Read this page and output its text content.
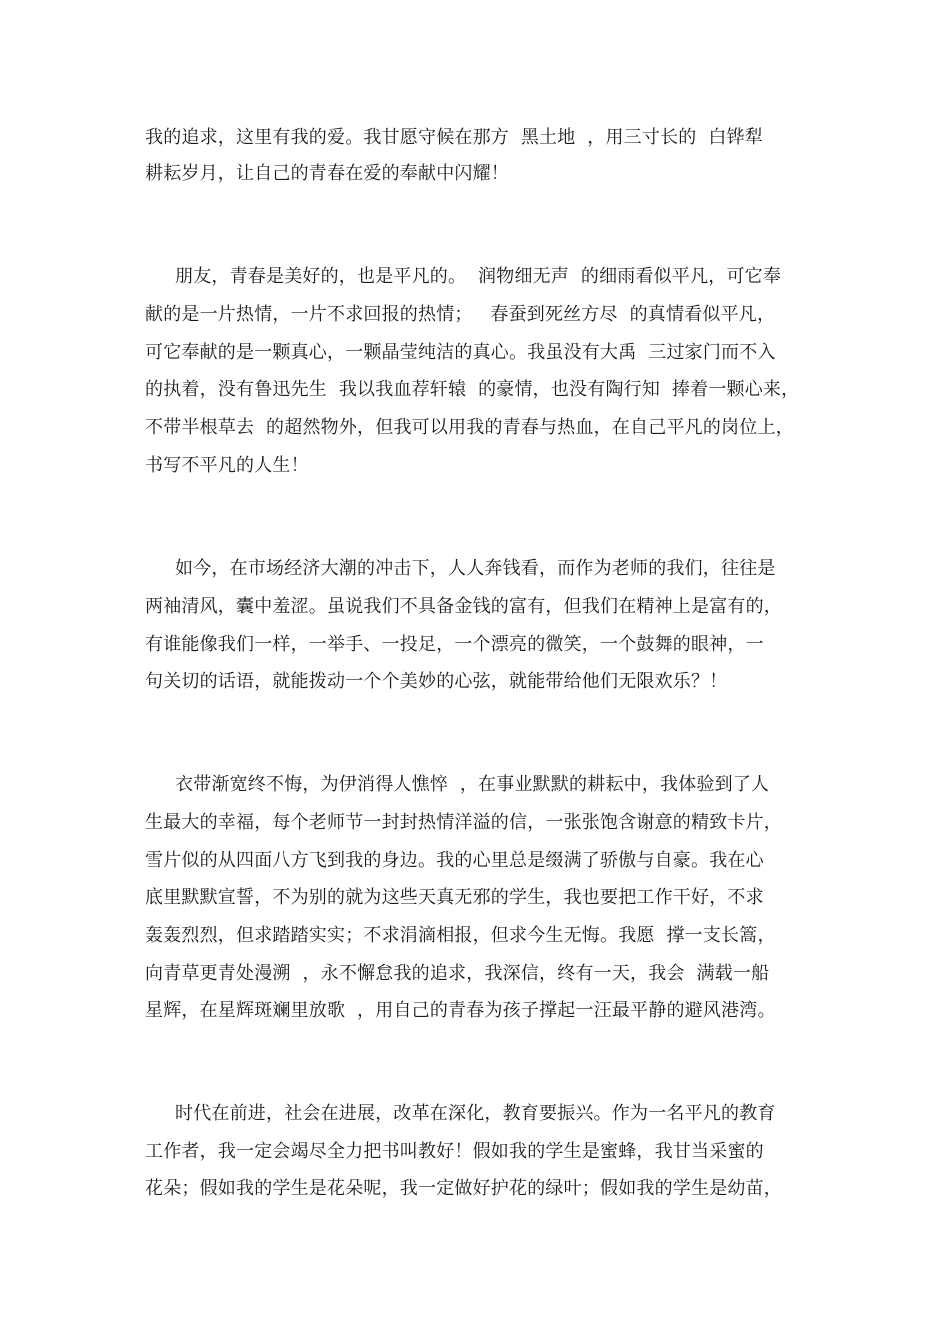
我的追求，这里有我的爱。我甘愿守候在那方  黑土地  ，用三寸长的  白铧犁
耕耘岁月，让自己的青春在爱的奉献中闪耀！
朋友，青春是美好的，也是平凡的。  润物细无声  的细雨看似平凡，可它奉
献的是一片热情，一片不求回报的热情；   春蚕到死丝方尽  的真情看似平凡，
可它奉献的是一颗真心，一颗晶莹纯洁的真心。我虽没有大禹  三过家门而不入
的执着，没有鲁迅先生  我以我血荐轩辕  的豪情，也没有陶行知  捧着一颗心来，
不带半根草去  的超然物外，但我可以用我的青春与热血，在自己平凡的岗位上，
书写不平凡的人生！
如今，在市场经济大潮的冲击下，人人奔钱看，而作为老师的我们，往往是
两袖清风，囊中羞涩。虽说我们不具备金钱的富有，但我们在精神上是富有的，
有谁能像我们一样，一举手、一投足，一个漂亮的微笑，一个鼓舞的眼神，一
句关切的话语，就能拨动一个个美妙的心弦，就能带给他们无限欢乐？！
衣带渐宽终不悔，为伊消得人憔悴  ，在事业默默的耕耘中，我体验到了人
生最大的幸福，每个老师节一封封热情洋溢的信，一张张饱含谢意的精致卡片，
雪片似的从四面八方飞到我的身边。我的心里总是缀满了骄傲与自豪。我在心
底里默默宣誓，不为别的就为这些天真无邪的学生，我也要把工作干好，不求
轰轰烈烈，但求踏踏实实；不求涓滴相报，但求今生无悔。我愿  撑一支长篙，
向青草更青处漫溯  ，永不懈怠我的追求，我深信，终有一天，我会  满载一船
星辉，在星辉斑斓里放歌  ，用自己的青春为孩子撑起一汪最平静的避风港湾。
时代在前进，社会在进展，改革在深化，教育要振兴。作为一名平凡的教育
工作者，我一定会竭尽全力把书叫教好！假如我的学生是蜜蜂，我甘当采蜜的
花朵；假如我的学生是花朵呢，我一定做好护花的绿叶；假如我的学生是幼苗，
